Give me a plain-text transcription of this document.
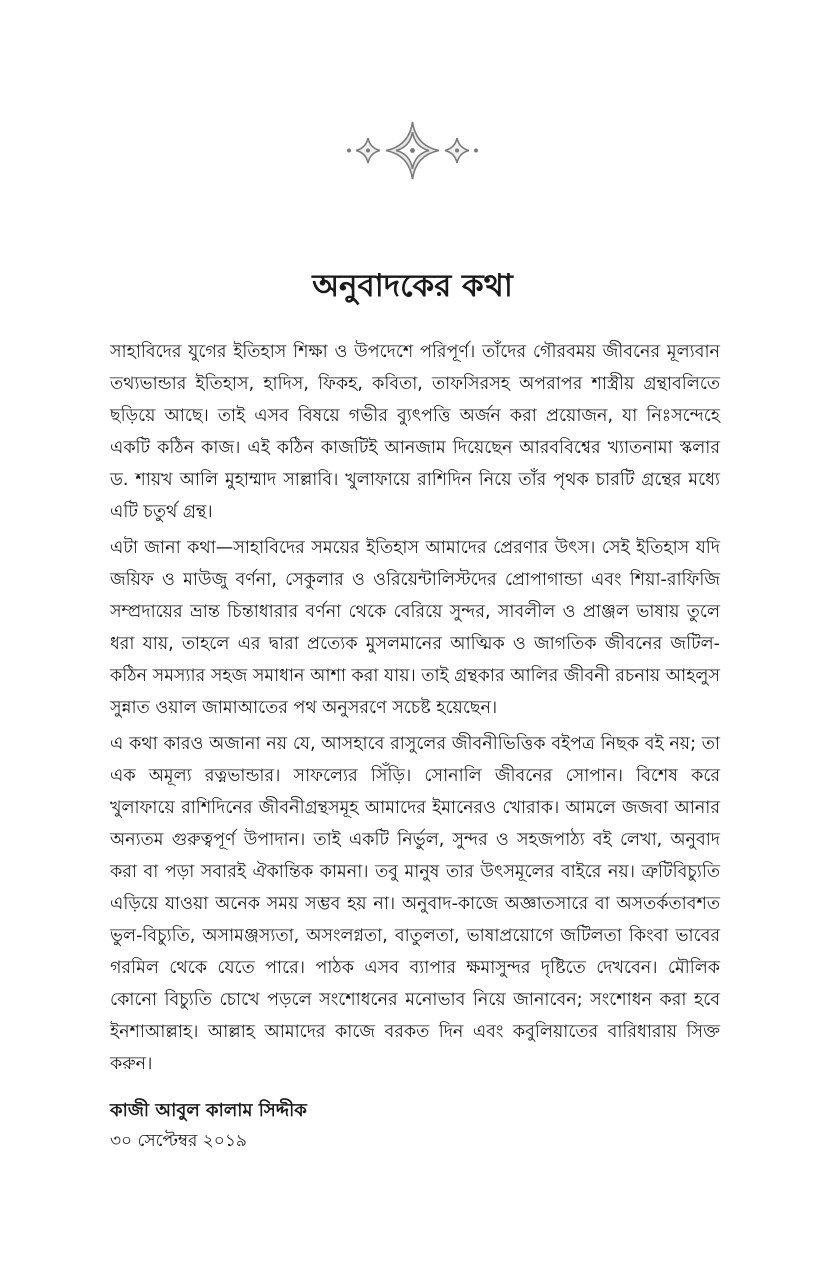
অনুবাদকের কথা

সাহাবিদের যুগের ইতিহাস শিক্ষা ও উপদেশে পরিপূর্ণ। তাঁদের গৌরবময় জীবনের মূল্যবান তথ্যভান্ডার ইতিহাস, হাদিস, ফিকহ, কবিতা, তাফসিরসহ অপরাপর শাস্ত্রীয় গ্রন্থাবলিতে ছড়িয়ে আছে। তাই এসব বিষয়ে গভীর ব্যুৎপত্তি অর্জন করা প্রয়োজন, যা নিঃসন্দেহে একটি কঠিন কাজ। এই কঠিন কাজটিই আনজাম দিয়েছেন আরববিশ্বের খ্যাতনামা স্কলার ড. শায়খ আলি মুহাম্মাদ সাল্লাবি। খুলাফায়ে রাশিদিন নিয়ে তাঁর পৃথক চারটি গ্রন্থের মধ্যে এটি চতুর্থ গ্রন্থ।

এটা জানা কথা—সাহাবিদের সময়ের ইতিহাস আমাদের প্রেরণার উৎস। সেই ইতিহাস যদি জয়িফ ও মাউজু বর্ণনা, সেকুলার ও ওরিয়েন্টালিস্টদের প্রোপাগান্ডা এবং শিয়া-রাফিজি সম্প্রদায়ের ভ্রান্ত চিন্তাধারার বর্ণনা থেকে বেরিয়ে সুন্দর, সাবলীল ও প্রাঞ্জল ভাষায় তুলে ধরা যায়, তাহলে এর দ্বারা প্রত্যেক মুসলমানের আত্মিক ও জাগতিক জীবনের জটিল-কঠিন সমস্যার সহজ সমাধান আশা করা যায়। তাই গ্রন্থকার আলির জীবনী রচনায় আহলুস সুন্নাত ওয়াল জামাআতের পথ অনুসরণে সচেষ্ট হয়েছেন।

এ কথা কারও অজানা নয় যে, আসহাবে রাসুলের জীবনীভিত্তিক বইপত্র নিছক বই নয়; তা এক অমূল্য রত্নভান্ডার। সাফল্যের সিঁড়ি। সোনালি জীবনের সোপান। বিশেষ করে খুলাফায়ে রাশিদিনের জীবনীগ্রন্থসমূহ আমাদের ইমানেরও খোরাক। আমলে জজবা আনার অন্যতম গুরুত্বপূর্ণ উপাদান। তাই একটি নির্ভুল, সুন্দর ও সহজপাঠ্য বই লেখা, অনুবাদ করা বা পড়া সবারই ঐকান্তিক কামনা। তবু মানুষ তার উৎসমূলের বাইরে নয়। ত্রুটিবিচ্যুতি এড়িয়ে যাওয়া অনেক সময় সম্ভব হয় না। অনুবাদ-কাজে অজ্ঞাতসারে বা অসতর্কতাবশত ভুল-বিচ্যুতি, অসামঞ্জস্যতা, অসংলগ্নতা, বাতুলতা, ভাষাপ্রয়োগে জটিলতা কিংবা ভাবের গরমিল থেকে যেতে পারে। পাঠক এসব ব্যাপার ক্ষমাসুন্দর দৃষ্টিতে দেখবেন। মৌলিক কোনো বিচ্যুতি চোখে পড়লে সংশোধনের মনোভাব নিয়ে জানাবেন; সংশোধন করা হবে ইনশাআল্লাহ। আল্লাহ আমাদের কাজে বরকত দিন এবং কবুলিয়াতের বারিধারায় সিক্ত করুন।

কাজী আবুল কালাম সিদ্দীক
৩০ সেপ্টেম্বর ২০১৯
